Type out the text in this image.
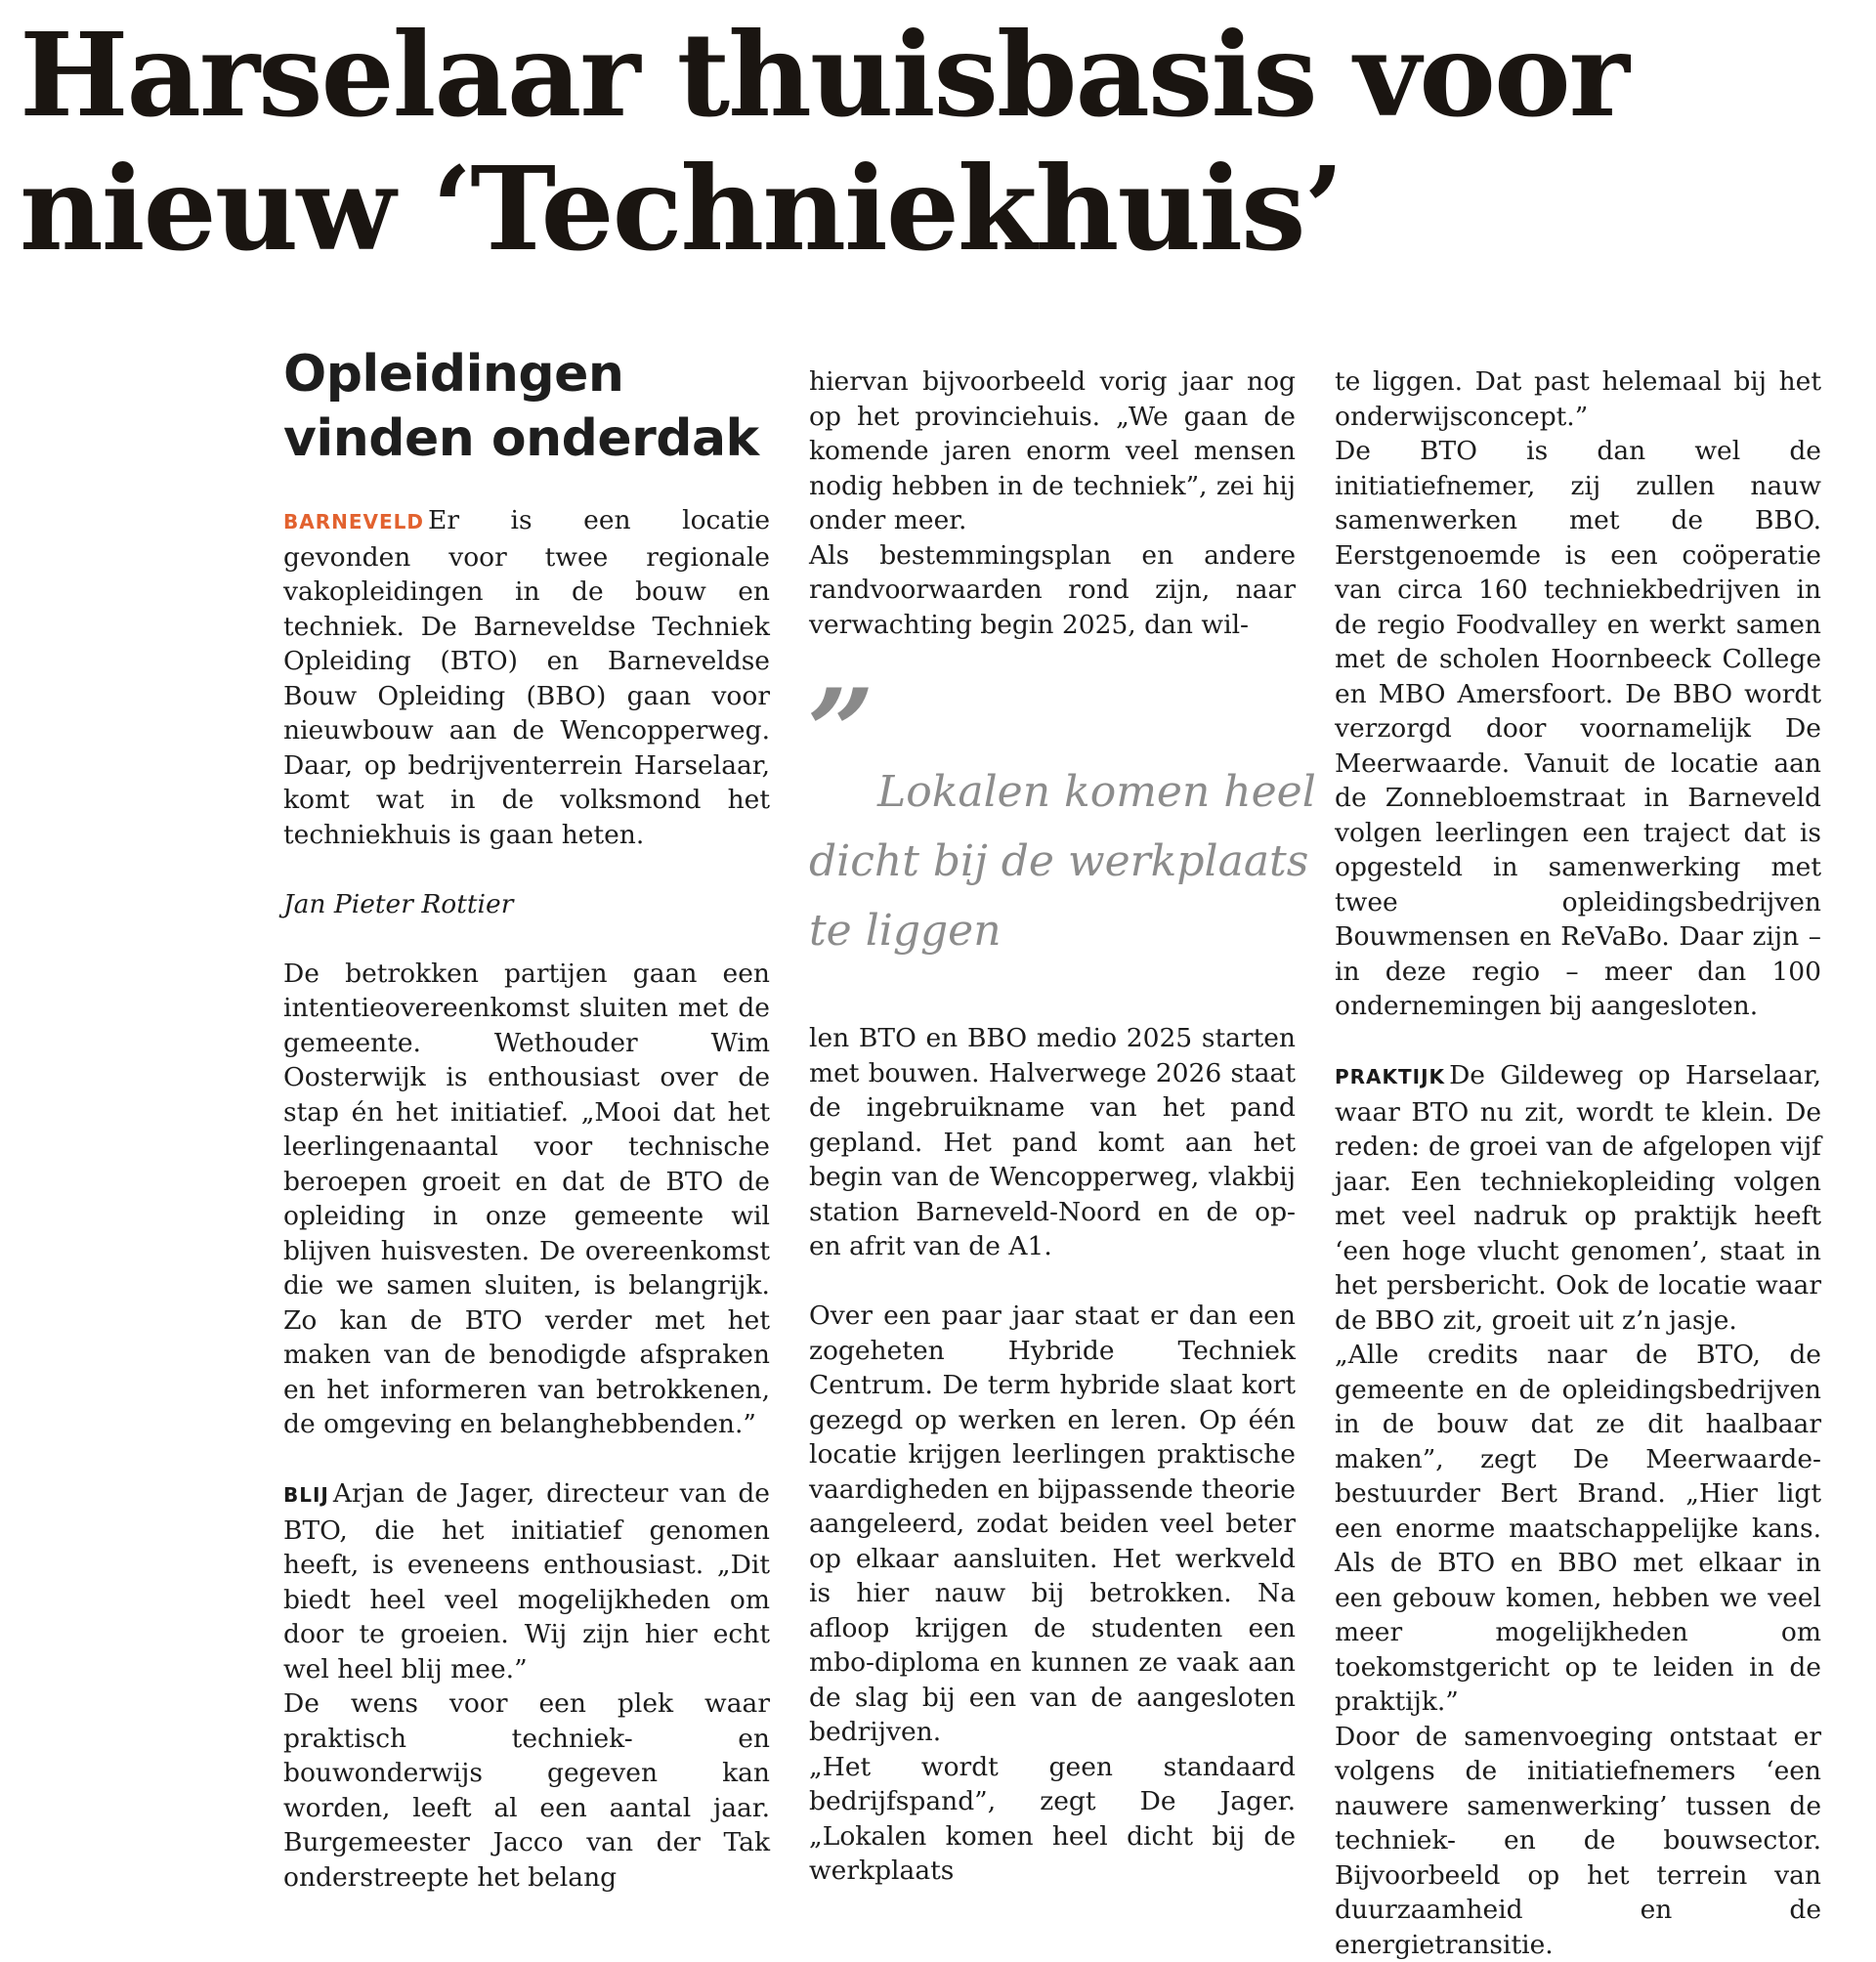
Harselaar thuisbasis voor
nieuw ‘Techniekhuis’
Opleidingen
vinden onderdak

BARNEVELD Er is een locatie gevonden voor twee regionale vakopleidingen in de bouw en techniek. De Barneveldse Techniek Opleiding (BTO) en Barneveldse Bouw Opleiding (BBO) gaan voor nieuwbouw aan de Wencopperweg. Daar, op bedrijventerrein Harselaar, komt wat in de volksmond het techniekhuis is gaan heten.

Jan Pieter Rottier

De betrokken partijen gaan een intentieovereenkomst sluiten met de gemeente. Wethouder Wim Oosterwijk is enthousiast over de stap én het initiatief. „Mooi dat het leerlingenaantal voor technische beroepen groeit en dat de BTO de opleiding in onze gemeente wil blijven huisvesten. De overeenkomst die we samen sluiten, is belangrijk. Zo kan de BTO verder met het maken van de benodigde afspraken en het informeren van betrokkenen, de omgeving en belanghebbenden.”

BLIJ Arjan de Jager, directeur van de BTO, die het initiatief genomen heeft, is eveneens enthousiast. „Dit biedt heel veel mogelijkheden om door te groeien. Wij zijn hier echt wel heel blij mee.”

De wens voor een plek waar praktisch techniek- en bouwonderwijs gegeven kan worden, leeft al een aantal jaar. Burgemeester Jacco van der Tak onderstreepte het belang

hiervan bijvoorbeeld vorig jaar nog op het provinciehuis. „We gaan de komende jaren enorm veel mensen nodig hebben in de techniek”, zei hij onder meer.

Als bestemmingsplan en andere randvoorwaarden rond zijn, naar verwachting begin 2025, dan wil-

” Lokalen komen heel
dicht bij de werkplaats
te liggen

len BTO en BBO medio 2025 starten met bouwen. Halverwege 2026 staat de ingebruikname van het pand gepland. Het pand komt aan het begin van de Wencopperweg, vlakbij station Barneveld-Noord en de op- en afrit van de A1.

Over een paar jaar staat er dan een zogeheten Hybride Techniek Centrum. De term hybride slaat kort gezegd op werken en leren. Op één locatie krijgen leerlingen praktische vaardigheden en bijpassende theorie aangeleerd, zodat beiden veel beter op elkaar aansluiten. Het werkveld is hier nauw bij betrokken. Na afloop krijgen de studenten een mbo-diploma en kunnen ze vaak aan de slag bij een van de aangesloten bedrijven.

„Het wordt geen standaard bedrijfspand”, zegt De Jager. „Lokalen komen heel dicht bij de werkplaats

te liggen. Dat past helemaal bij het onderwijsconcept.”

De BTO is dan wel de initiatiefnemer, zij zullen nauw samenwerken met de BBO. Eerstgenoemde is een coöperatie van circa 160 techniekbedrijven in de regio Foodvalley en werkt samen met de scholen Hoornbeeck College en MBO Amersfoort. De BBO wordt verzorgd door voornamelijk De Meerwaarde. Vanuit de locatie aan de Zonnebloemstraat in Barneveld volgen leerlingen een traject dat is opgesteld in samenwerking met twee opleidingsbedrijven Bouwmensen en ReVaBo. Daar zijn – in deze regio – meer dan 100 ondernemingen bij aangesloten.

PRAKTIJK De Gildeweg op Harselaar, waar BTO nu zit, wordt te klein. De reden: de groei van de afgelopen vijf jaar. Een techniekopleiding volgen met veel nadruk op praktijk heeft ‘een hoge vlucht genomen’, staat in het persbericht. Ook de locatie waar de BBO zit, groeit uit z’n jasje.

„Alle credits naar de BTO, de gemeente en de opleidingsbedrijven in de bouw dat ze dit haalbaar maken”, zegt De Meerwaarde-bestuurder Bert Brand. „Hier ligt een enorme maatschappelijke kans. Als de BTO en BBO met elkaar in een gebouw komen, hebben we veel meer mogelijkheden om toekomstgericht op te leiden in de praktijk.”

Door de samenvoeging ontstaat er volgens de initiatiefnemers ‘een nauwere samenwerking’ tussen de techniek- en de bouwsector. Bijvoorbeeld op het terrein van duurzaamheid en de energietransitie.
